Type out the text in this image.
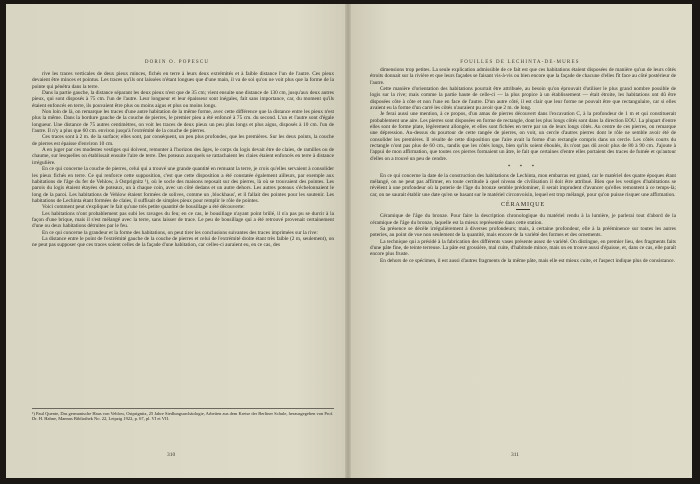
DORIN O. POPESCU

rive les traces verticales de deux pieux minces, fichés en terre à leurs deux extrémités et à faible distance l'un de l'autre. Ces pieux devaient être minces et pointus. Les traces qu'ils ont laissées n'étant longues que d'une main, il va de soi qu'on ne voit plus que la forme de la pointe qui pénétra dans la terre.

Dans la partie gauche, la distance séparant les deux pieux n'est que de 35 cm; vient ensuite une distance de 130 cm, jusqu'aux deux autres pieux, qui sont disposés à 75 cm. l'un de l'autre. Leur longueur et leur épaisseur sont inégales, fait sans importance, car, du moment qu'ils étaient enfoncés en terre, ils pouvaient être plus ou moins aigus et plus ou moins longs.

Non loin de là, on remarque les traces d'une autre habitation de la même forme, avec cette différence que la distance entre les pieux n'est plus la même. Dans la bordure gauche de la couche de pierres, le premier pieu a été enfoncé à 75 cm. du second. L'un et l'autre sont d'égale longueur. Une distance de 75 autres centimètres, on voit les traces de deux pieux un peu plus longs et plus aigus, disposés à 10 cm. l'un de l'autre. Il n'y a plus que 60 cm. environ jusqu'à l'extrémité de la couche de pierres.

Ces traces sont à 2 m. de la surface; elles sont, par conséquent, un peu plus profondes, que les premières. Sur les deux points, la couche de pierres est épaisse d'environ 10 cm.

A en juger par ces modestes vestiges qui doivent, remonter à l'horizon des âges, le corps du logis devait être de claies, de ramilles ou de chaume, sur lesquelles on établissait ensuite l'aire de terre. Des poteaux auxquels se rattachaient les claies étaient enfoncés en terre à distance irrégulière.

En ce qui concerne la couche de pierres, celui qui a trouvé une grande quantité en remuant la terre, je crois qu'elles servaient à consolider les pieux fichés en terre. Ce qui renforce cette supposition, c'est que cette disposition a été constatée également ailleurs, par exemple aux habitations de l'âge du fer de Vehlow, à Ostprignitz ¹), où le socle des maisons reposait sur des pierres, là où se trouvaient des pointes. Les parois du logis étaient étayées de poteaux, un à chaque coin, avec un côté dedans et un autre dehors. Les autres poteaux s'échelonnaient le long de la paroi. Les habitations de Vehlow étaient formées de solives, comme un ‚blockhaus', et il fallait des pointes pour les soutenir. Les habitations de Lechinta étant formées de claies, il suffisait de simples pieux pour remplir le rôle de pointes.

Voici comment peut s'expliquer le fait qu'une très petite quantité de bousillage a été découverte:

Les habitations n'ont probablement pas subi les ravages du feu; en ce cas, le bousillage n'ayant point brûlé, il n'a pas pu se durcir à la façon d'une brique, mais il s'est mélangé avec la terre, sans laisser de trace. Le peu de bousillage qui a été retrouvé provenait certainement d'une ou deux habitations détruites par le feu.

En ce qui concerne la grandeur et la forme des habitations, on peut tirer les conclusions suivantes des traces imprimées sur la rive:

La distance entre le point de l'extrémité gauche de la couche de pierres et celui de l'extrémité droite étant très faible (2 m, seulement), on ne peut pas supposer que ces traces soient celles de la façade d'une habitation, car celles-ci auraient eu, en ce cas, des

¹) Paul Quente, Das germanische Haus von Vehlow, Ostprignitz, 25 Jahre Siedlungsarchäologie, Arbeiten aus dem Kreise der Berliner Schule, herausgegeben von Prof. Dr. H. Hahne, Mannus Bibliothek No. 22, Leipzig 1922, p. 67, pl. VI et VII.

310
FOUILLES DE LECHINTA-DE-MURES

dimensions trop petites. La seule explication admissible de ce fait est que ces habitations étaient disposées de manière qu'un de leurs côtés étroits donnait sur la rivière et que leurs façades se faisant vis-à-vis ou bien encore que la façade de chacune d'elles fît face au côté postérieur de l'autre.

Cette manière d'orientation des habitations pourrait être attribuée, au besoin qu'on éprouvait d'utiliser le plus grand nombre possible de logis sur la rive; mais comme la partie haute de celle-ci — la plus propice à un établissement — était étroite, les habitations ont dû être disposées côte à côte et non l'une en face de l'autre. D'un autre côté, il est clair que leur forme ne pouvait être que rectangulaire, car si elles avaient eu la forme d'un carré les côtés n'auraient pu avoir que 2 m. de long.

Je ferai aussi une mention, à ce propos, d'un amas de pierres découvert dans l'excavation C, à la profondeur de 1 m et qui constituerait probablement une aire. Les pierres sont disposées en forme de rectangle, dont les plus longs côtés sont dans la direction EOU. La plupart d'entre elles sont de forme plate, légèrement allongée, et elles sont fichées en terre par un de leurs longs côtés. Au centre de ces pierres, on remarque une dépression. Au-dessus du pourtour de cette rangée de pierres, on voit, un cercle d'autres pierres dont le rôle ne semble avoir été de consolider les premières. Il résulte de cette disposition que l'aire avait la forme d'un rectangle compris dans un cercle. Les côtés courts du rectangle n'ont pas plus de 60 cm., tandis que les côtés longs, bien qu'ils soient éboulés, ils n'ont pas dû avoir plus de 80 à 90 cm. J'ajoute à l'appui de mon affirmation, que toutes ces pierres formaient un âtre, le fait que certaines d'entre elles portaient des traces de fumée et qu'autour d'elles on a trouvé un peu de cendre.

* * *

En ce qui concerne la date de la construction des habitations de Lechinta, mon embarras est grand, car le matériel des quatre époques étant mélangé, on ne peut pas affirmer, en toute certitude à quel niveau de civilisation il doit être attribué. Bien que les vestiges d'habitations se révèlent à une profondeur où la poterie de l'âge du bronze semble prédominer, il serait imprudent d'avancer qu'elles remontent à ce temps-là; car, on ne saurait établir une date qu'en se basant sur le matériel circonvoisin, lequel est trop mélangé, pour qu'on puisse risquer une affirmation.

CÉRAMIQUE

Céramique de l'âge du bronze. Pour faire la description chronologique du matériel rendu à la lumière, je parlerai tout d'abord de la céramique de l'âge du bronze, laquelle est la mieux représentée dans cette station.

Sa présence se décèle irrégulièrement à diverses profondeurs; mais, à certaine profondeur, elle à la prééminence sur toutes les autres poteries, au point de vue non seulement de la quantité, mais encore de la variété des formes et des ornements.

La technique qui a présidé à la fabrication des différents vases présente assez de variété. On distingue, en premier lieu, des fragments faits d'une pâte fine, de teinte terreuse. La pâte est grossière, mal cuite, d'habitude mince, mais on en trouve aussi d'épaisse, et, dans ce cas, elle paraît encore plus fruste.

En dehors de ce spécimen, il est aussi d'autres fragments de la même pâte, mais elle est mieux cuite, et l'aspect indique plus de consistance.

311
